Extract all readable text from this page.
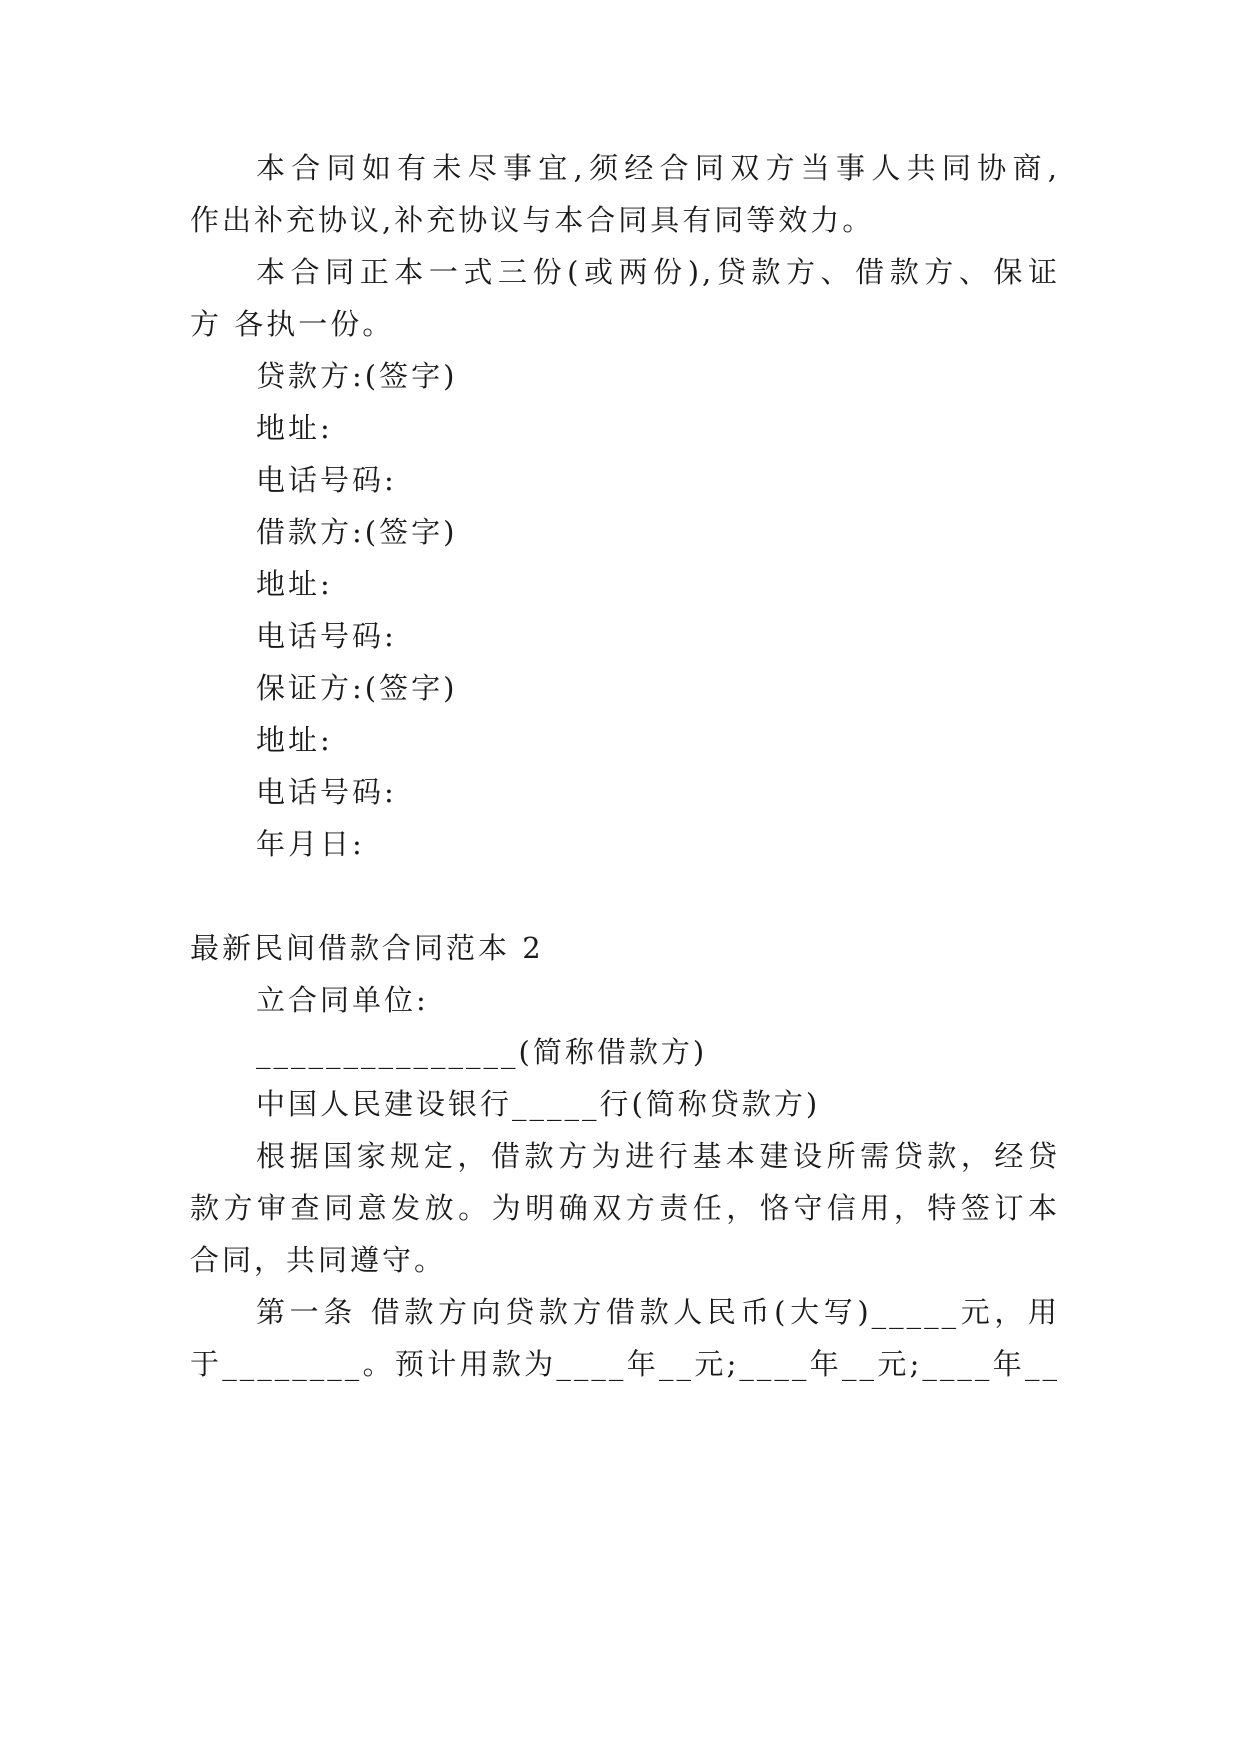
本合同如有未尽事宜,须经合同双方当事人共同协商,
作出补充协议,补充协议与本合同具有同等效力。
本合同正本一式三份(或两份),贷款方、借款方、保证
方 各执一份。
贷款方:(签字)
地址:
电话号码:
借款方:(签字)
地址:
电话号码:
保证方:(签字)
地址:
电话号码:
年月日:
最新民间借款合同范本 2
立合同单位:
_______________(简称借款方)
中国人民建设银行_____行(简称贷款方)
根据国家规定，借款方为进行基本建设所需贷款，经贷
款方审查同意发放。为明确双方责任，恪守信用，特签订本
合同，共同遵守。
第一条 借款方向贷款方借款人民币(大写)_____元，用
于________。预计用款为____年__元;____年__元;____年__
